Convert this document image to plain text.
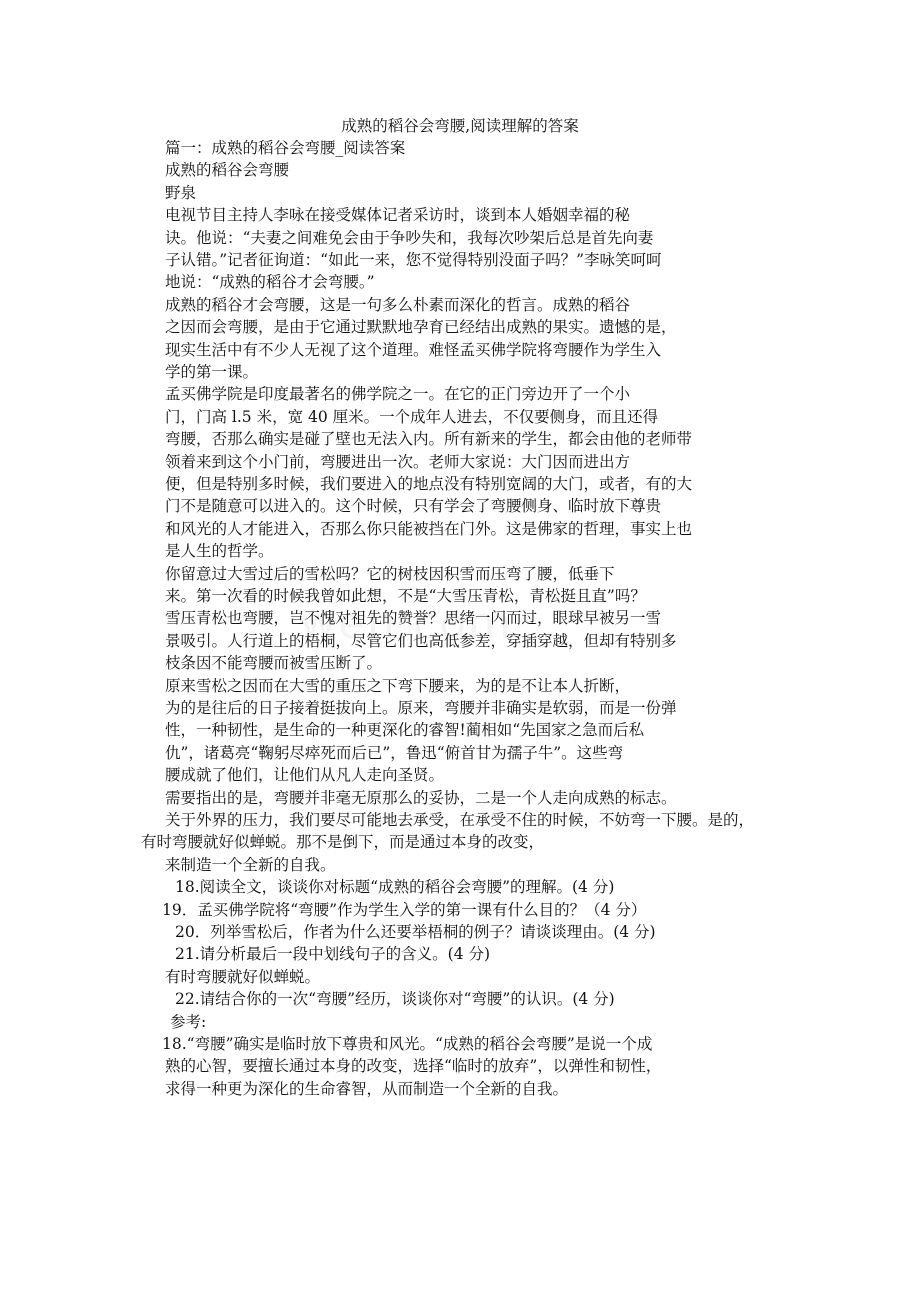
成熟的稻谷会弯腰,阅读理解的答案
篇一：成熟的稻谷会弯腰_阅读答案
成熟的稻谷会弯腰
野泉
电视节目主持人李咏在接受媒体记者采访时，谈到本人婚姻幸福的秘
诀。他说：“夫妻之间难免会由于争吵失和，我每次吵架后总是首先向妻
子认错。”记者征询道：“如此一来，您不觉得特别没面子吗？”李咏笑呵呵
地说：“成熟的稻谷才会弯腰。”
成熟的稻谷才会弯腰，这是一句多么朴素而深化的哲言。成熟的稻谷
之因而会弯腰，是由于它通过默默地孕育已经结出成熟的果实。遗憾的是，
现实生活中有不少人无视了这个道理。难怪孟买佛学院将弯腰作为学生入
学的第一课。
孟买佛学院是印度最著名的佛学院之一。在它的正门旁边开了一个小
门，门高 l.5 米，宽 40 厘米。一个成年人进去，不仅要侧身，而且还得
弯腰，否那么确实是碰了壁也无法入内。所有新来的学生，都会由他的老师带
领着来到这个小门前，弯腰进出一次。老师大家说：大门因而进出方
便，但是特别多时候，我们要进入的地点没有特别宽阔的大门，或者，有的大
门不是随意可以进入的。这个时候，只有学会了弯腰侧身、临时放下尊贵
和风光的人才能进入，否那么你只能被挡在门外。这是佛家的哲理，事实上也
是人生的哲学。
你留意过大雪过后的雪松吗？它的树枝因积雪而压弯了腰，低垂下
来。第一次看的时候我曾如此想，不是“大雪压青松，青松挺且直”吗？
雪压青松也弯腰，岂不愧对祖先的赞誉？思绪一闪而过，眼球早被另一雪
景吸引。人行道上的梧桐，尽管它们也高低参差，穿插穿越，但却有特别多
枝条因不能弯腰而被雪压断了。
原来雪松之因而在大雪的重压之下弯下腰来，为的是不让本人折断，
为的是往后的日子接着挺拔向上。原来，弯腰并非确实是软弱，而是一份弹
性，一种韧性，是生命的一种更深化的睿智!蔺相如“先国家之急而后私
仇”，诸葛亮“鞠躬尽瘁死而后已”，鲁迅“俯首甘为孺子牛”。这些弯
腰成就了他们，让他们从凡人走向圣贤。
需要指出的是，弯腰并非毫无原那么的妥协，二是一个人走向成熟的标志。
关于外界的压力，我们要尽可能地去承受，在承受不住的时候，不妨弯一下腰。是的，
有时弯腰就好似蝉蜕。那不是倒下，而是通过本身的改变，
来制造一个全新的自我。
18.阅读全文，谈谈你对标题“成熟的稻谷会弯腰”的理解。(4 分)
19．孟买佛学院将“弯腰”作为学生入学的第一课有什么目的？（4 分）
20．列举雪松后，作者为什么还要举梧桐的例子？请谈谈理由。(4 分)
21.请分析最后一段中划线句子的含义。(4 分)
有时弯腰就好似蝉蜕。
22.请结合你的一次“弯腰”经历，谈谈你对“弯腰”的认识。(4 分)
参考:
18.“弯腰”确实是临时放下尊贵和风光。“成熟的稻谷会弯腰”是说一个成
熟的心智，要擅长通过本身的改变，选择“临时的放弃”，以弹性和韧性，
求得一种更为深化的生命睿智，从而制造一个全新的自我。
